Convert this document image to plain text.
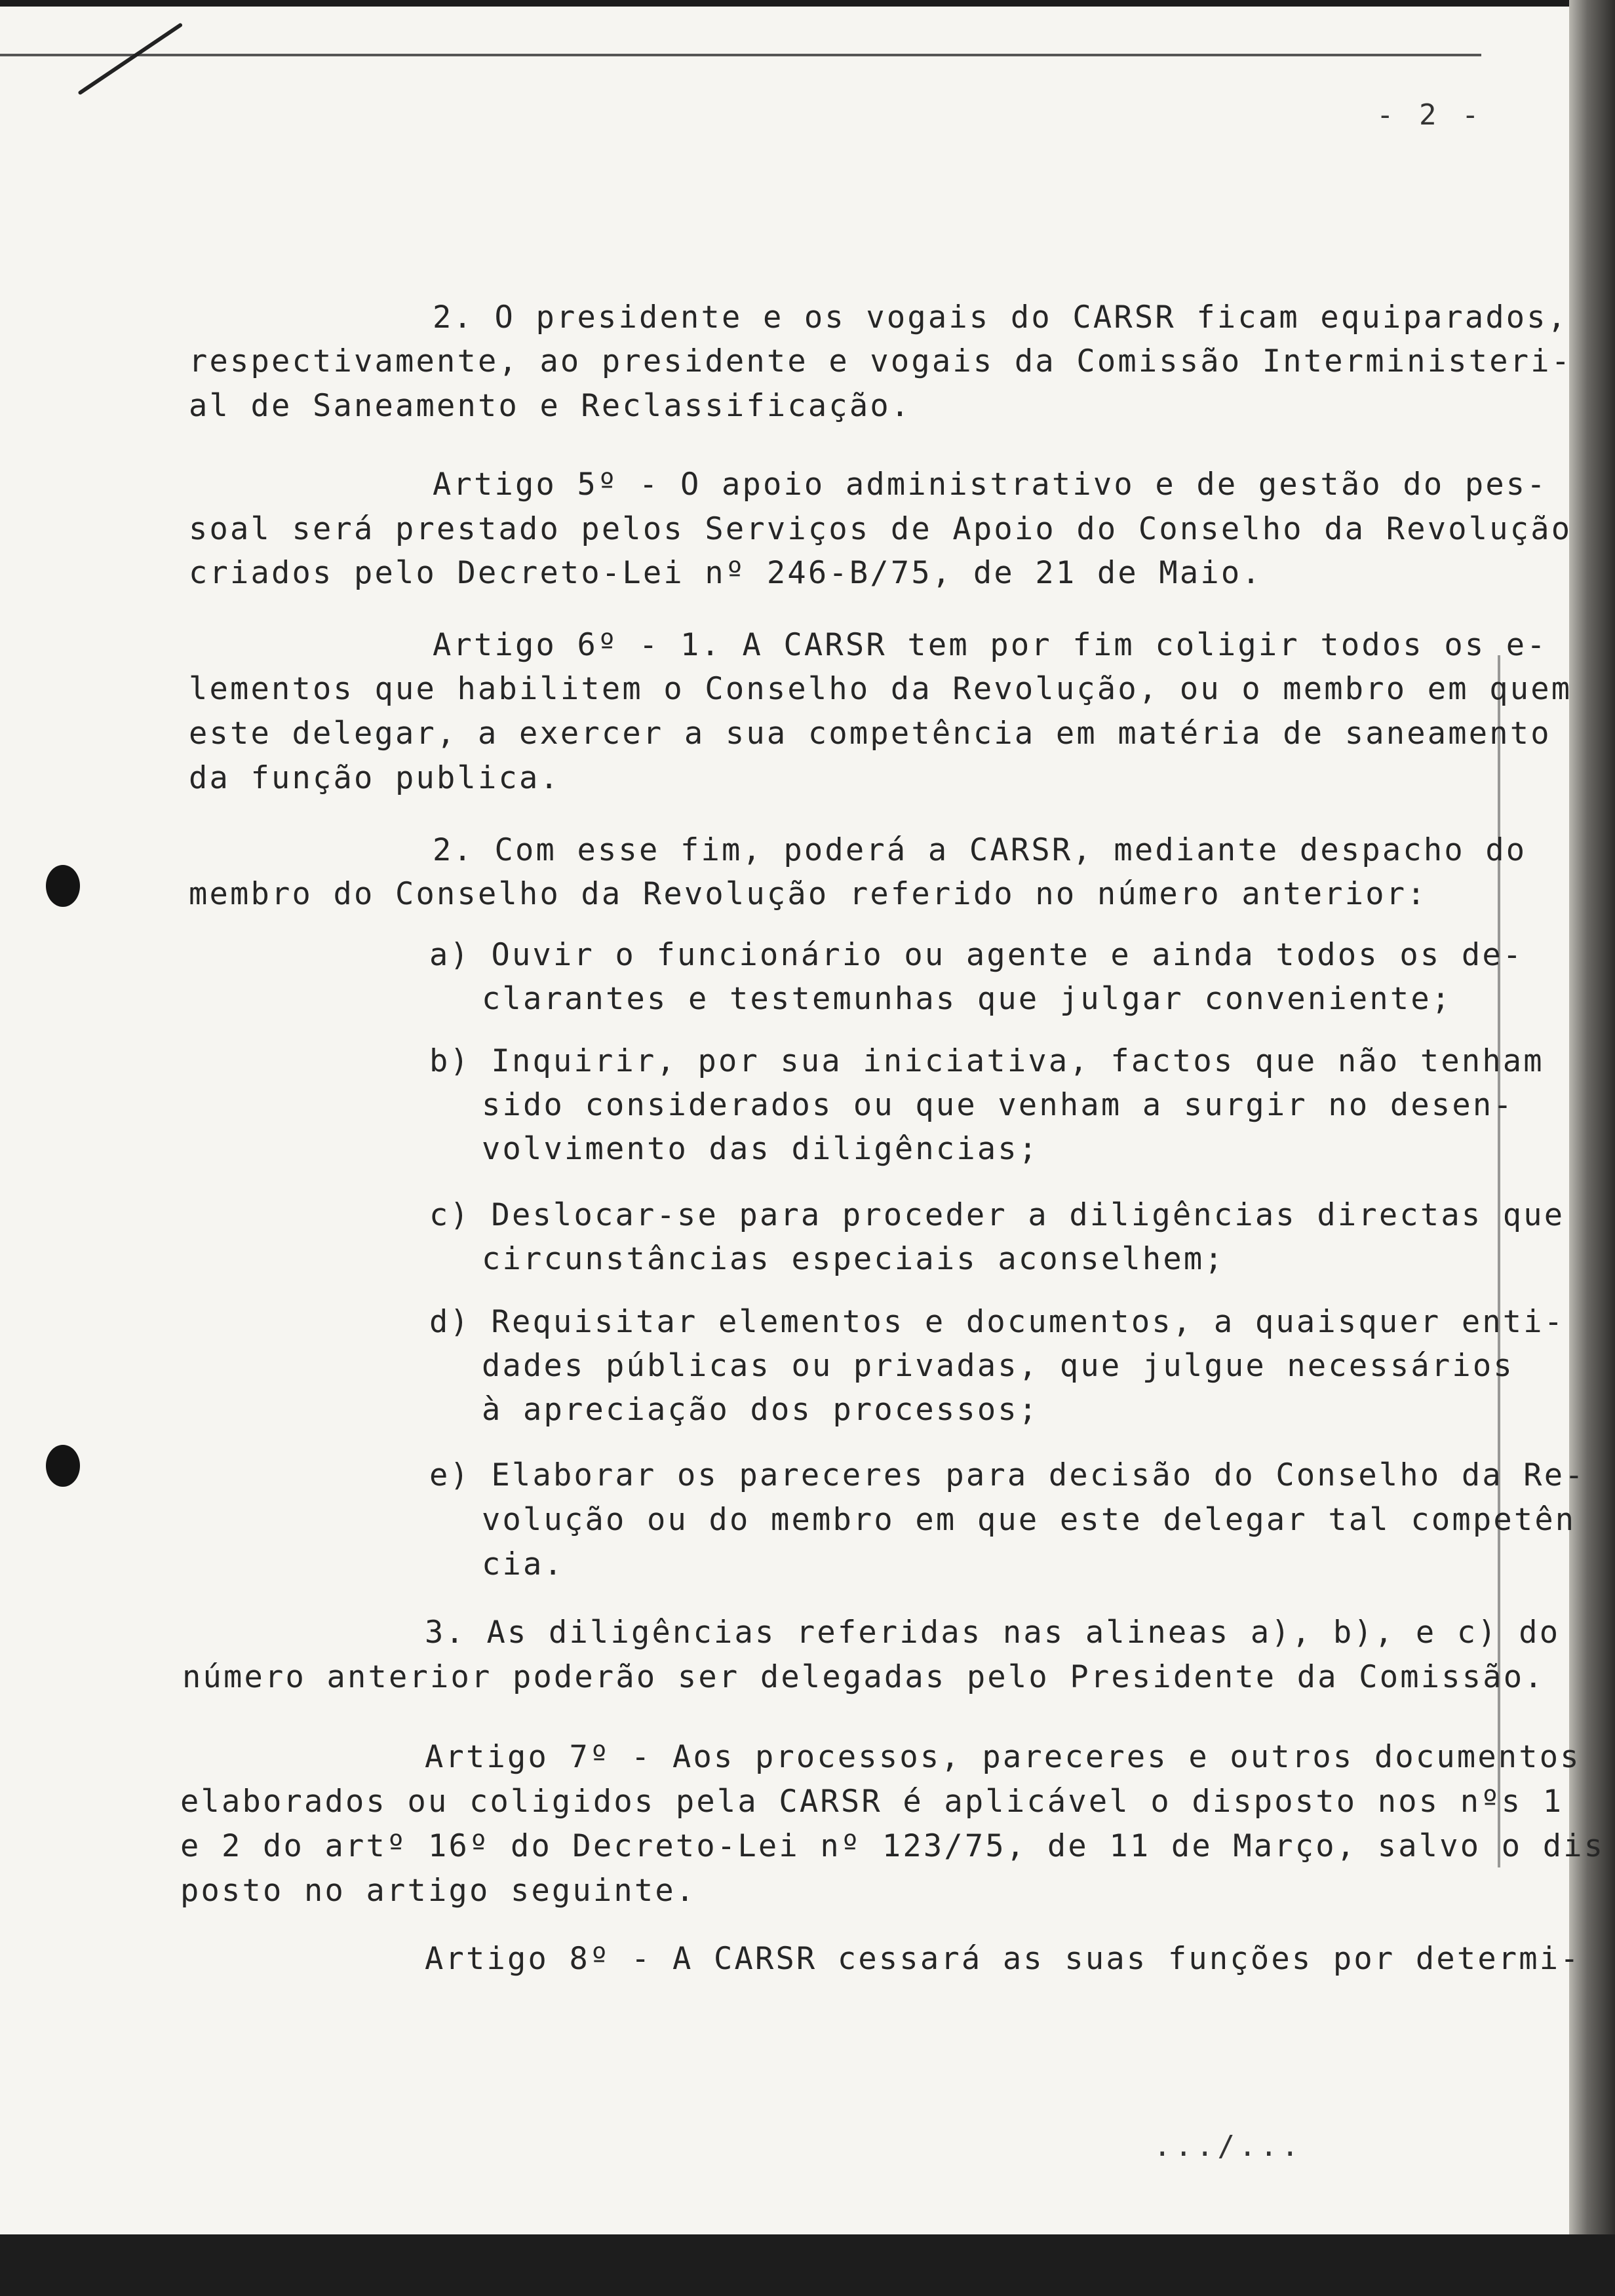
- 2 -
2. O presidente e os vogais do CARSR ficam equiparados,
respectivamente, ao presidente e vogais da Comissão Interministeri-
al de Saneamento e Reclassificação.
Artigo 5º - O apoio administrativo e de gestão do pes-
soal será prestado pelos Serviços de Apoio do Conselho da Revolução
criados pelo Decreto-Lei nº 246-B/75, de 21 de Maio.
Artigo 6º - 1. A CARSR tem por fim coligir todos os e-
lementos que habilitem o Conselho da Revolução, ou o membro em quem
este delegar, a exercer a sua competência em matéria de saneamento
da função publica.
2. Com esse fim, poderá a CARSR, mediante despacho do
membro do Conselho da Revolução referido no número anterior:
a) Ouvir o funcionário ou agente e ainda todos os de-
clarantes e testemunhas que julgar conveniente;
b) Inquirir, por sua iniciativa, factos que não tenham
sido considerados ou que venham a surgir no desen-
volvimento das diligências;
c) Deslocar-se para proceder a diligências directas que
circunstâncias especiais aconselhem;
d) Requisitar elementos e documentos, a quaisquer enti-
dades públicas ou privadas, que julgue necessários
à apreciação dos processos;
e) Elaborar os pareceres para decisão do Conselho da Re-
volução ou do membro em que este delegar tal competên
cia.
3. As diligências referidas nas alineas a), b), e c) do
número anterior poderão ser delegadas pelo Presidente da Comissão.
Artigo 7º - Aos processos, pareceres e outros documentos
elaborados ou coligidos pela CARSR é aplicável o disposto nos nºs 1
e 2 do artº 16º do Decreto-Lei nº 123/75, de 11 de Março, salvo o dis
posto no artigo seguinte.
Artigo 8º - A CARSR cessará as suas funções por determi-
.../...
